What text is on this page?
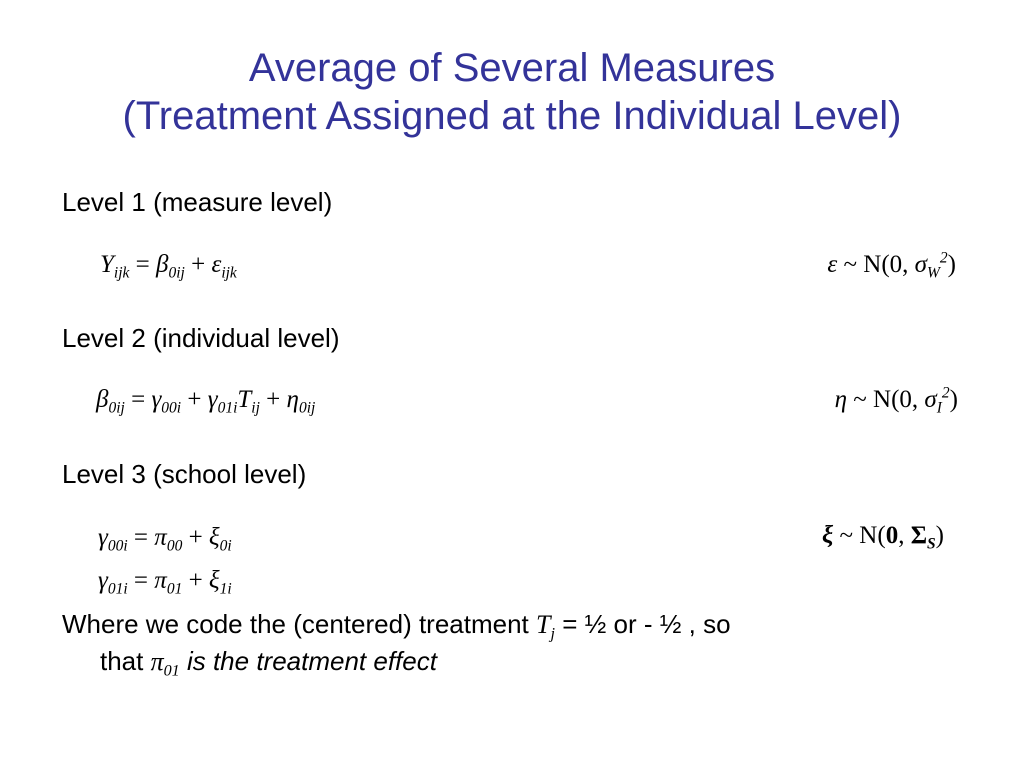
Average of Several Measures
(Treatment Assigned at the Individual Level)
Level 1 (measure level)
$Y_{ijk} = \beta_{0ij} + \varepsilon_{ijk}$	ε ~ N(0, $\sigma_W^2$)
Level 2 (individual level)
$\beta_{0ij} = \gamma_{00i} + \gamma_{01i}T_{ij} + \eta_{0ij}$	η ~ N(0, $\sigma_I^2$)
Level 3 (school level)
$\gamma_{00i} = \pi_{00} + \xi_{0i}$	ξ ~ N(0, $\Sigma_S$)
$\gamma_{01i} = \pi_{01} + \xi_{1i}$
Where we code the (centered) treatment $T_j$ = ½ or - ½ , so
that $\pi_{01}$ is the treatment effect
